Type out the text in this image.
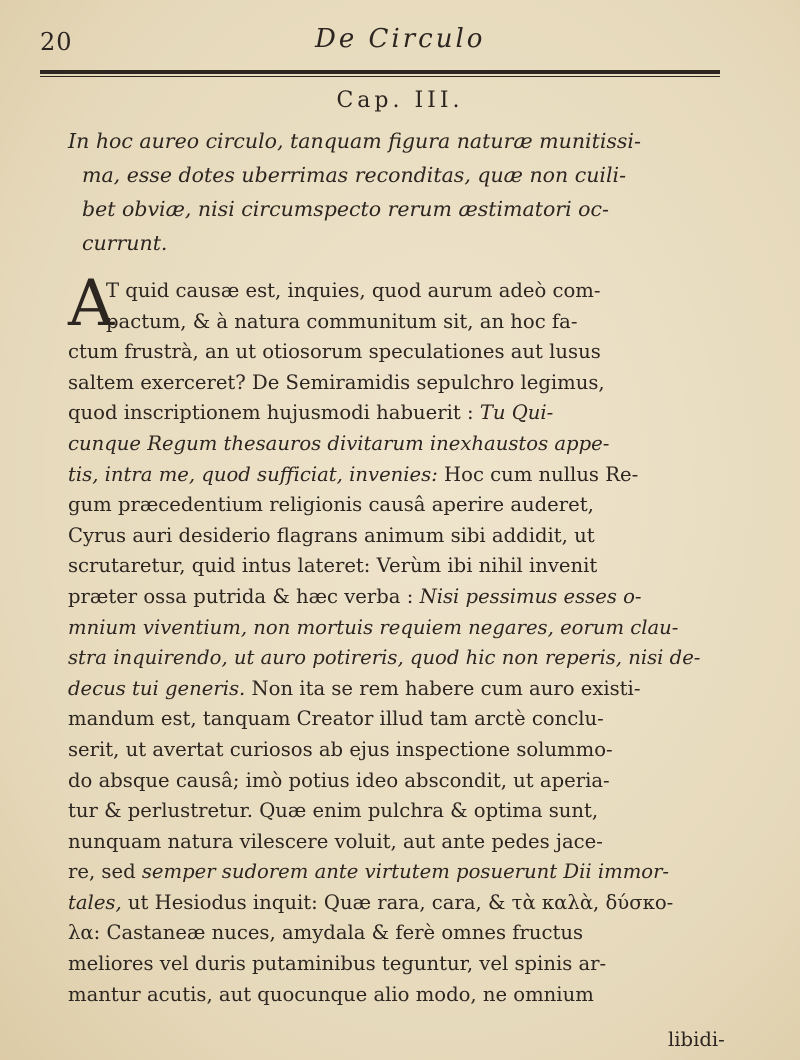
20	De Circulo
Cap. III.
In hoc aureo circulo, tanquam figura naturæ munitissi-
ma, esse dotes uberrimas reconditas, quæ non cuili-
bet obviæ, nisi circumspecto rerum æstimatori oc-
currunt.
A
T quid causæ est, inquies, quod aurum adeò com-
pactum, & à natura communitum sit, an hoc fa-
ctum frustrà, an ut otiosorum speculationes aut lusus
saltem exerceret? De Semiramidis sepulchro legimus,
quod inscriptionem hujusmodi habuerit : Tu Qui-
cunque Regum thesauros divitarum inexhaustos appe-
tis, intra me, quod sufficiat, invenies: Hoc cum nullus Re-
gum præcedentium religionis causâ aperire auderet,
Cyrus auri desiderio flagrans animum sibi addidit, ut
scrutaretur, quid intus lateret: Verùm ibi nihil invenit
præter ossa putrida & hæc verba : Nisi pessimus esses o-
mnium viventium, non mortuis requiem negares, eorum clau-
stra inquirendo, ut auro potireris, quod hic non reperis, nisi de-
decus tui generis. Non ita se rem habere cum auro existi-
mandum est, tanquam Creator illud tam arctè conclu-
serit, ut avertat curiosos ab ejus inspectione solummo-
do absque causâ; imò potius ideo abscondit, ut aperia-
tur & perlustretur. Quæ enim pulchra & optima sunt,
nunquam natura vilescere voluit, aut ante pedes jace-
re, sed semper sudorem ante virtutem posuerunt Dii immor-
tales, ut Hesiodus inquit: Quæ rara, cara, & τὰ καλὰ, δύσκο-
λα: Castaneæ nuces, amydala & ferè omnes fructus
meliores vel duris putaminibus teguntur, vel spinis ar-
mantur acutis, aut quocunque alio modo, ne omnium
libidi-
